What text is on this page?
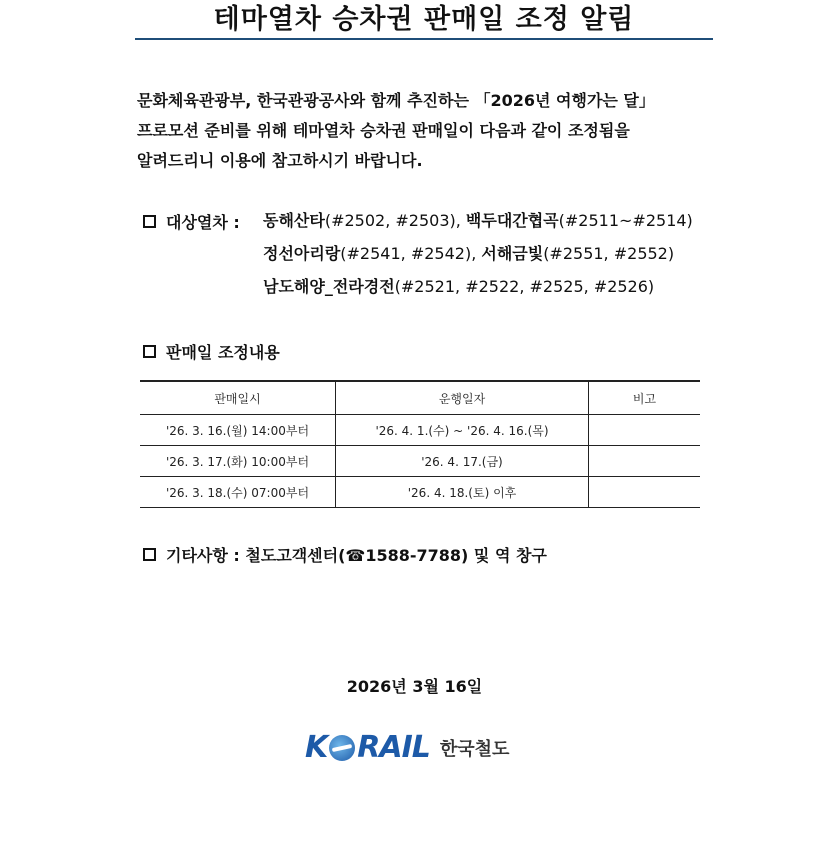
테마열차 승차권 판매일 조정 알림
문화체육관광부, 한국관광공사와 함께 추진하는 「2026년 여행가는 달」
프로모션 준비를 위해 테마열차 승차권 판매일이 다음과 같이 조정됨을
알려드리니 이용에 참고하시기 바랍니다.
대상열차 : 동해산타(#2502, #2503), 백두대간협곡(#2511~#2514)
정선아리랑(#2541, #2542), 서해금빛(#2551, #2552)
남도해양_전라경전(#2521, #2522, #2525, #2526)
판매일 조정내용
판매일시	운행일자	비고
'26. 3. 16.(월) 14:00부터	'26. 4. 1.(수) ~ '26. 4. 16.(목)	
'26. 3. 17.(화) 10:00부터	'26. 4. 17.(금)	
'26. 3. 18.(수) 07:00부터	'26. 4. 18.(토) 이후	
기타사항 : 철도고객센터(☎1588-7788) 및 역 창구
2026년 3월 16일
K RAIL 한국철도
